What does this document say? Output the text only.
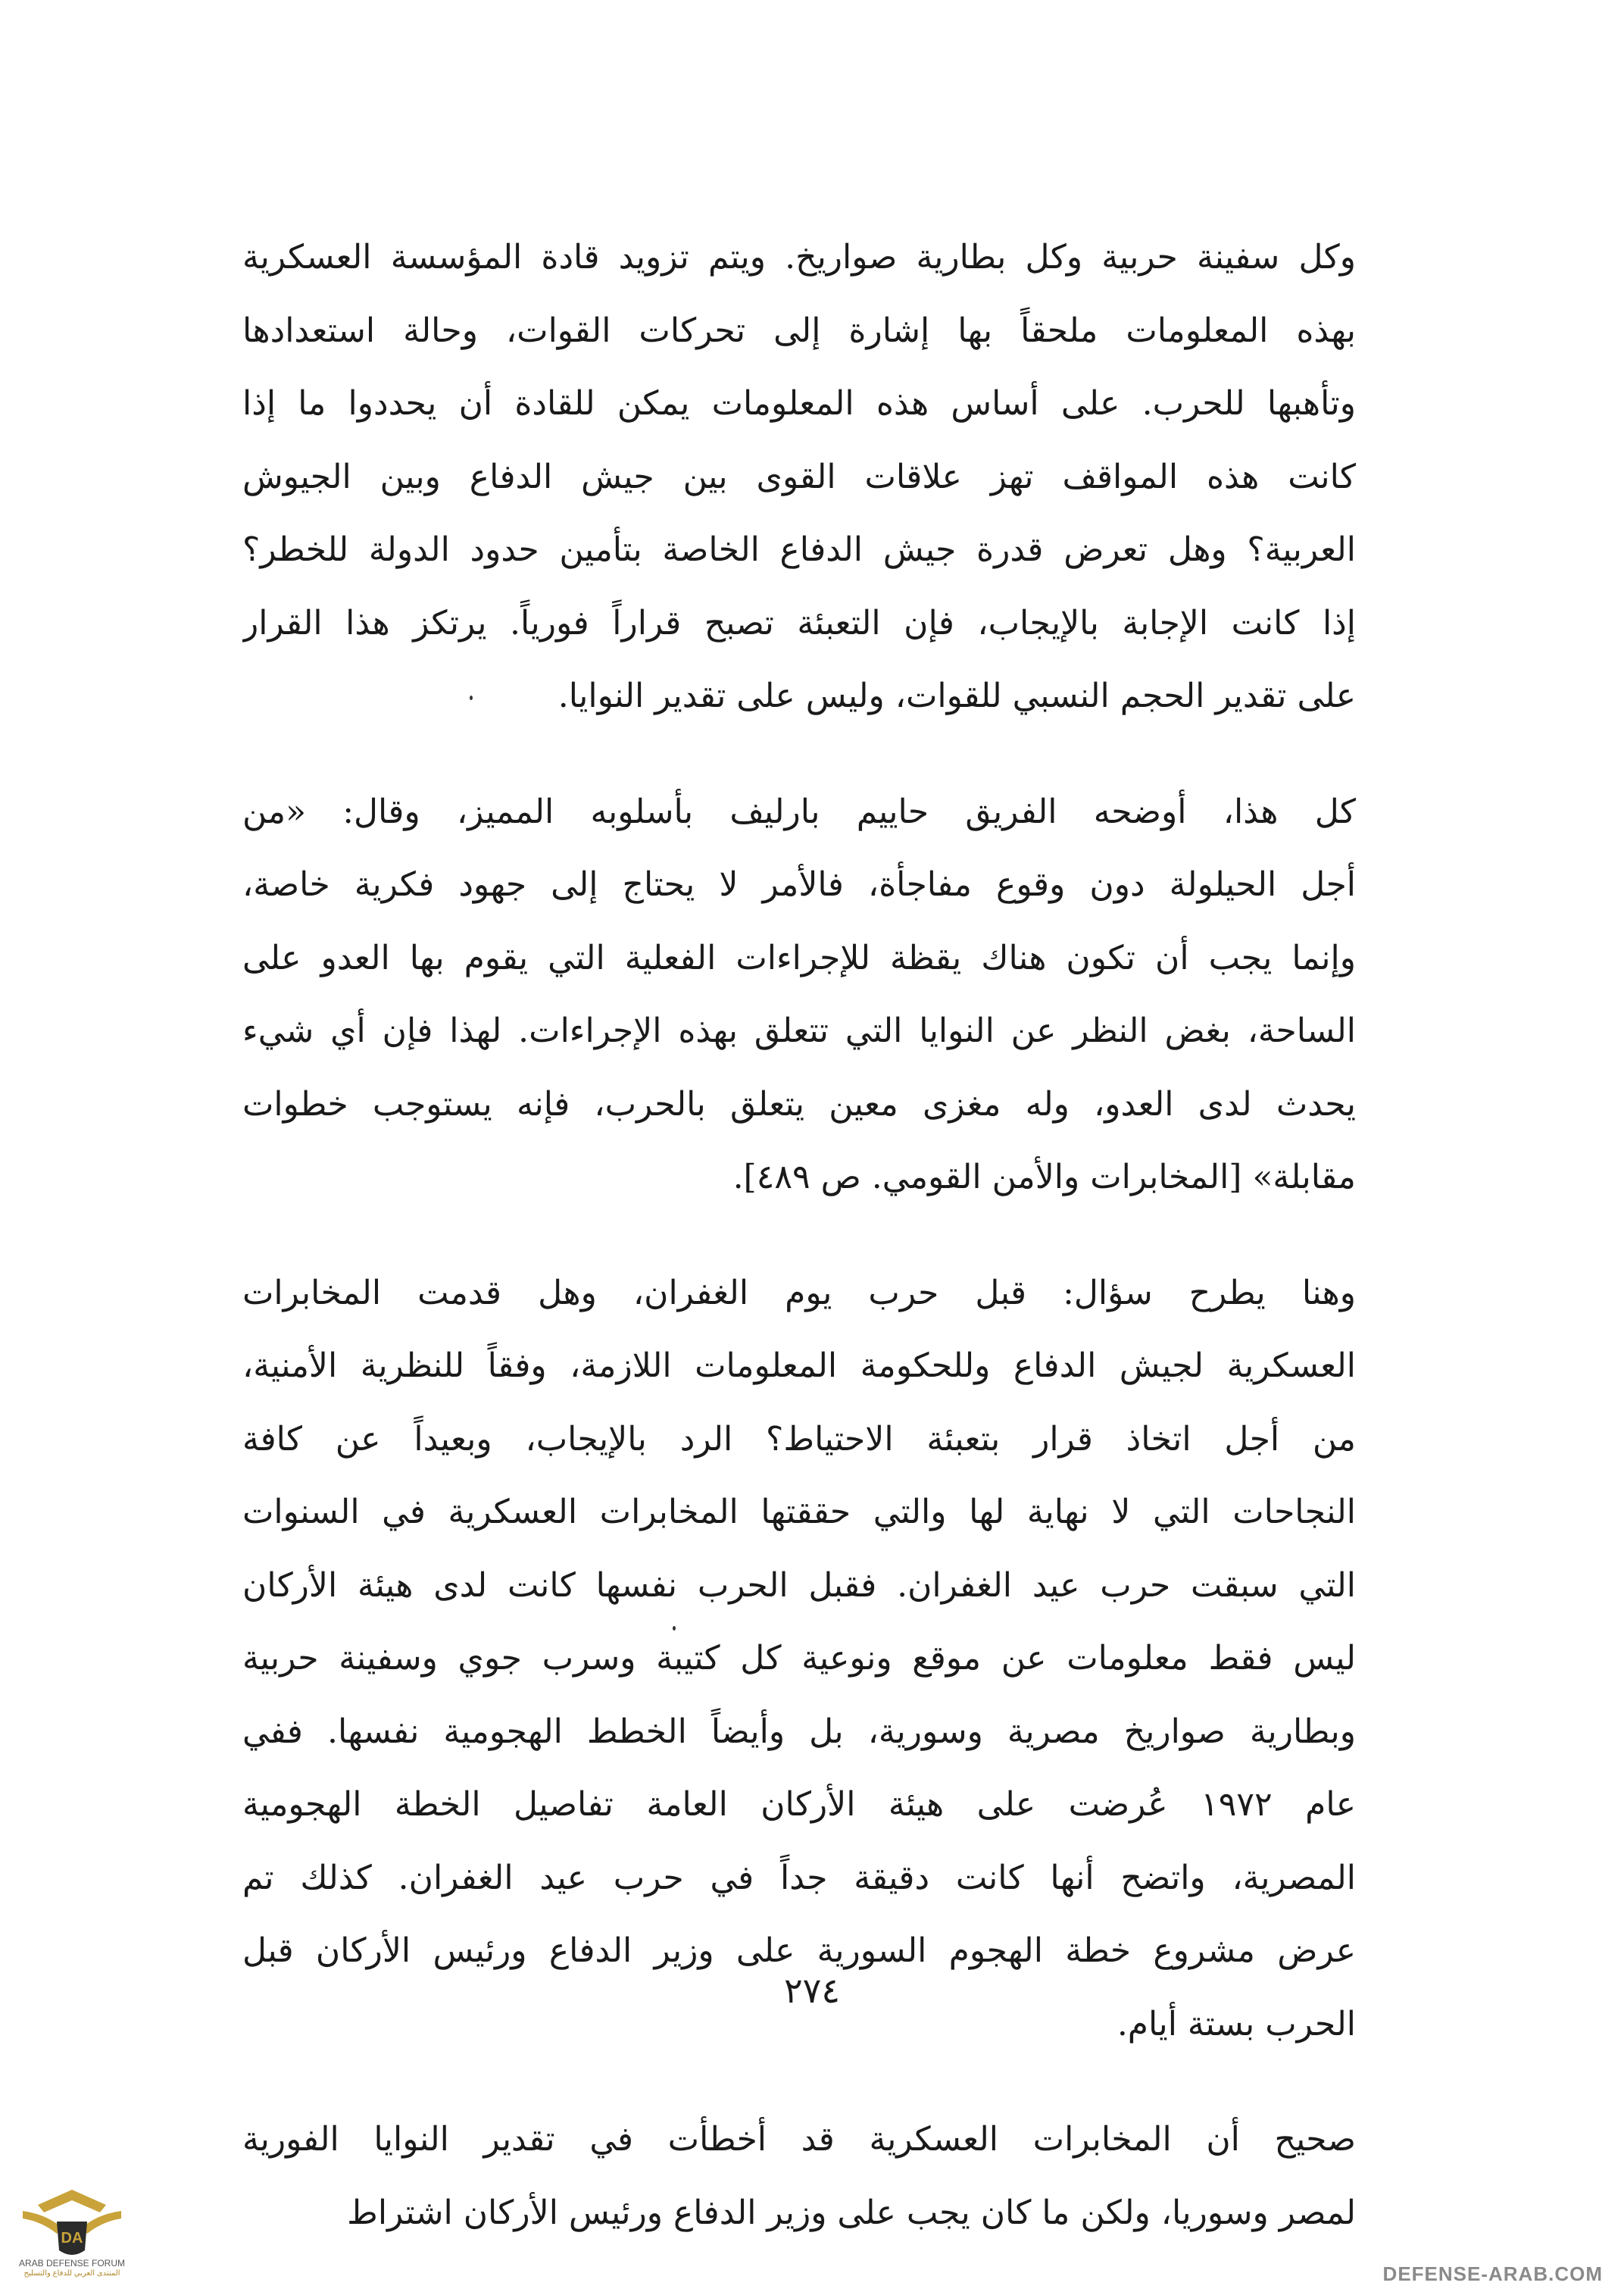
وكل سفينة حربية وكل بطارية صواريخ. ويتم تزويد قادة المؤسسة العسكرية
بهذه المعلومات ملحقاً بها إشارة إلى تحركات القوات، وحالة استعدادها
وتأهبها للحرب. على أساس هذه المعلومات يمكن للقادة أن يحددوا ما إذا
كانت هذه المواقف تهز علاقات القوى بين جيش الدفاع وبين الجيوش
العربية؟ وهل تعرض قدرة جيش الدفاع الخاصة بتأمين حدود الدولة للخطر؟
إذا كانت الإجابة بالإيجاب، فإن التعبئة تصبح قراراً فورياً. يرتكز هذا القرار
على تقدير الحجم النسبي للقوات، وليس على تقدير النوايا.
كل هذا، أوضحه الفريق حاييم بارليف بأسلوبه المميز، وقال: «من
أجل الحيلولة دون وقوع مفاجأة، فالأمر لا يحتاج إلى جهود فكرية خاصة،
وإنما يجب أن تكون هناك يقظة للإجراءات الفعلية التي يقوم بها العدو على
الساحة، بغض النظر عن النوايا التي تتعلق بهذه الإجراءات. لهذا فإن أي شيء
يحدث لدى العدو، وله مغزى معين يتعلق بالحرب، فإنه يستوجب خطوات
مقابلة» [المخابرات والأمن القومي. ص ٤٨٩].
وهنا يطرح سؤال: قبل حرب يوم الغفران، وهل قدمت المخابرات
العسكرية لجيش الدفاع وللحكومة المعلومات اللازمة، وفقاً للنظرية الأمنية،
من أجل اتخاذ قرار بتعبئة الاحتياط؟ الرد بالإيجاب، وبعيداً عن كافة
النجاحات التي لا نهاية لها والتي حققتها المخابرات العسكرية في السنوات
التي سبقت حرب عيد الغفران. فقبل الحرب نفسها كانت لدى هيئة الأركان
ليس فقط معلومات عن موقع ونوعية كل كتيبة وسرب جوي وسفينة حربية
وبطارية صواريخ مصرية وسورية، بل وأيضاً الخطط الهجومية نفسها. ففي
عام ١٩٧٢ عُرضت على هيئة الأركان العامة تفاصيل الخطة الهجومية
المصرية، واتضح أنها كانت دقيقة جداً في حرب عيد الغفران. كذلك تم
عرض مشروع خطة الهجوم السورية على وزير الدفاع ورئيس الأركان قبل
الحرب بستة أيام.
صحيح أن المخابرات العسكرية قد أخطأت في تقدير النوايا الفورية
لمصر وسوريا، ولكن ما كان يجب على وزير الدفاع ورئيس الأركان اشتراط
٢٧٤
DA
ARAB DEFENSE FORUM
المنتدى العربي للدفاع والتسليح	DEFENSE-ARAB.COM
